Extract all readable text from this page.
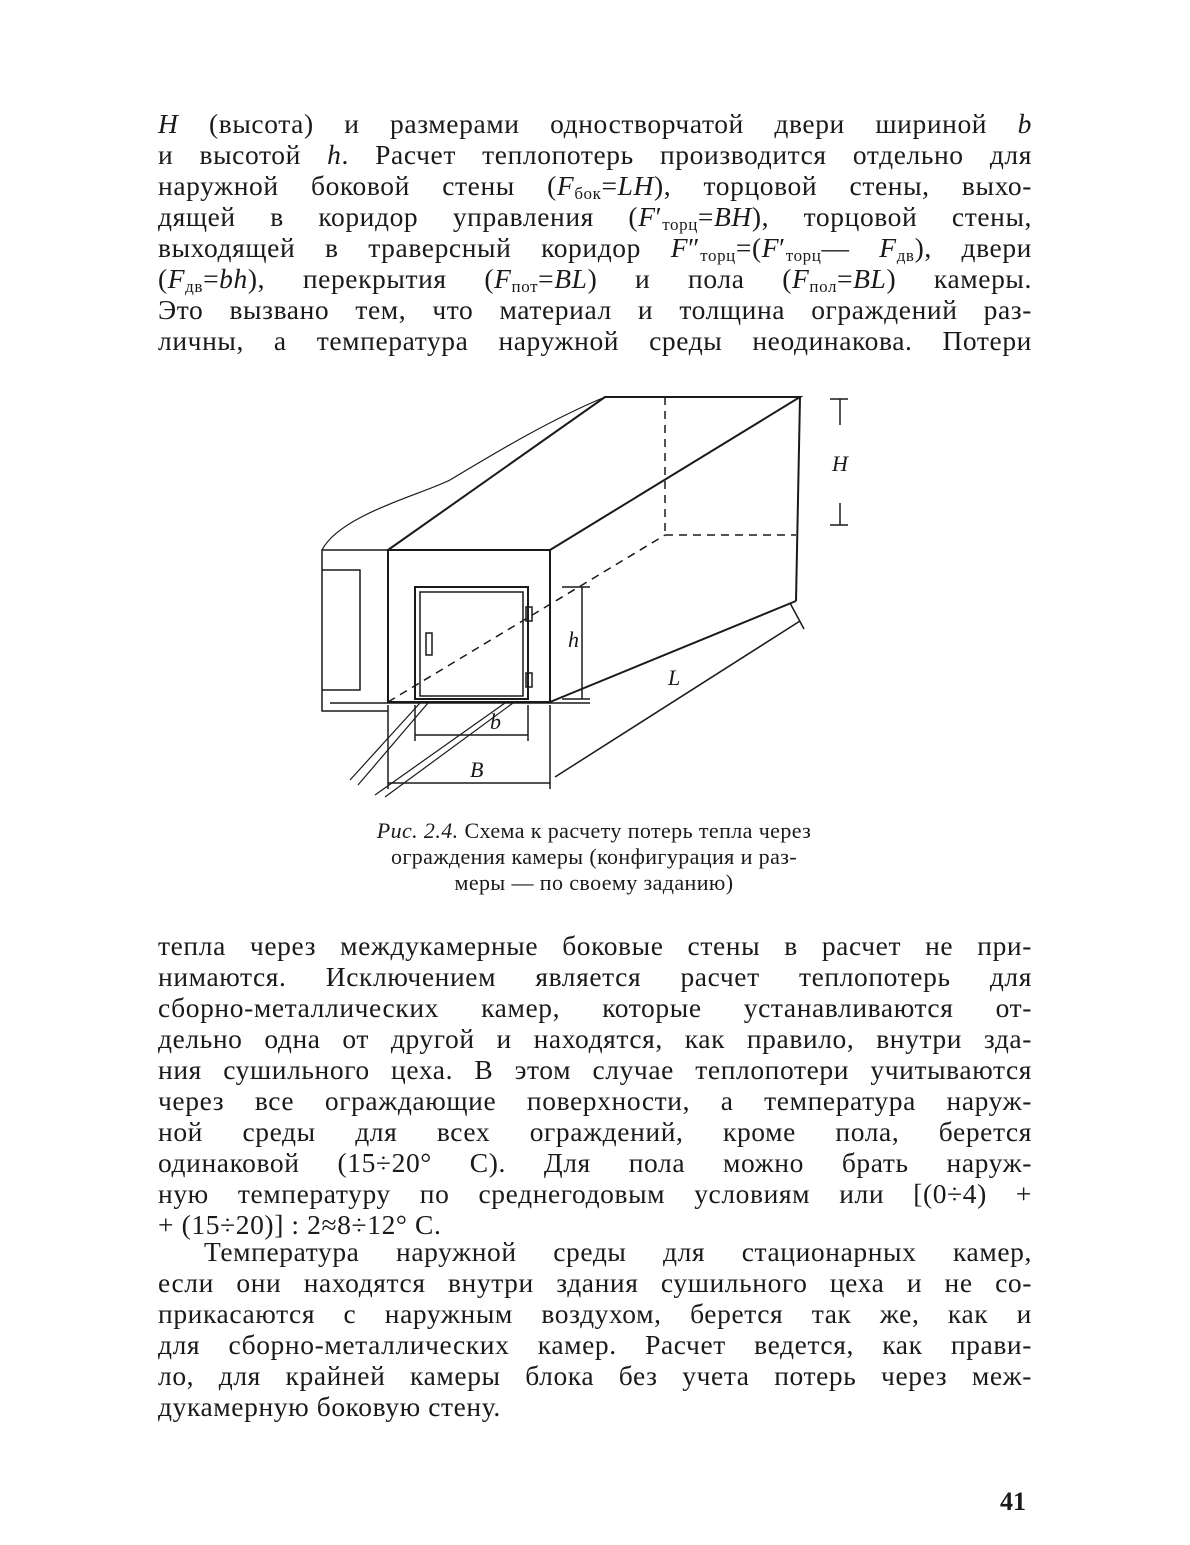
Н (высота) и размерами одностворчатой двери шириной b
и высотой h. Расчет теплопотерь производится отдельно для
наружной боковой стены $(F_{бок}=LH)$, торцовой стены, выхо-
дящей в коридор управления $(F'_{торц}=BH)$, торцовой стены,
выходящей в траверсный коридор $F''_{торц}=(F'_{торц}—$ $F_{дв}$), двери
$(F_{дв}=bh)$, перекрытия $(F_{пот}=BL)$ и пола $(F_{пол}=BL)$ камеры.
Это вызвано тем, что материал и толщина ограждений раз-
личны, а температура наружной среды неодинакова. Потери
Н
h
b
B
L
Рис. 2.4. Схема к расчету потерь тепла через
ограждения камеры (конфигурация и раз-
меры — по своему заданию)
тепла через междукамерные боковые стены в расчет не при-
нимаются. Исключением является расчет теплопотерь для
сборно-металлических камер, которые устанавливаются от-
дельно одна от другой и находятся, как правило, внутри зда-
ния сушильного цеха. В этом случае теплопотери учитываются
через все ограждающие поверхности, а температура наруж-
ной среды для всех ограждений, кроме пола, берется
одинаковой (15÷20° С). Для пола можно брать наруж-
ную температуру по среднегодовым условиям или [(0÷4) +
+ (15÷20)] : 2≈8÷12° С.
Температура наружной среды для стационарных камер,
если они находятся внутри здания сушильного цеха и не со-
прикасаются с наружным воздухом, берется так же, как и
для сборно-металлических камер. Расчет ведется, как прави-
ло, для крайней камеры блока без учета потерь через меж-
дукамерную боковую стену.
41
